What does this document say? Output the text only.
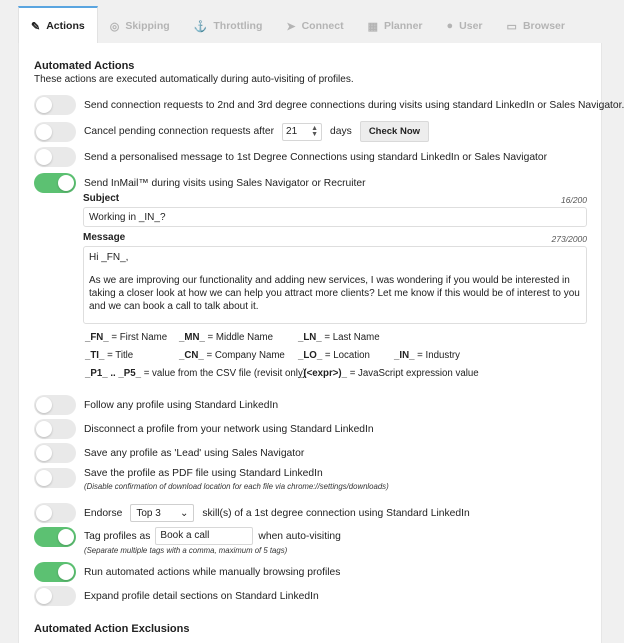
✎ Actions ◎ Skipping ⚓ Throttling ➤ Connect ▦ Planner ● User ▭ Browser
Automated Actions
These actions are executed automatically during auto-visiting of profiles.
Send connection requests to 2nd and 3rd degree connections during visits using standard LinkedIn or Sales Navigator.
Cancel pending connection requests after 21	▲
▼ days	Check Now
Send a personalised message to 1st Degree Connections using standard LinkedIn or Sales Navigator
Send InMail™ during visits using Sales Navigator or Recruiter
Subject	16/200
Working in _IN_?
Message	273/2000

Hi _FN_,

As we are improving our functionality and adding new services, I was wondering if you would be interested in taking a closer look at how we can help you attract more clients? Let me know if this would be of interest to you and we can book a call to talk about it.

_FN_ = First Name _MN_ = Middle Name	_LN_ = Last Name
_TI_ = Title	_CN_ = Company Name _LO_ = Location _IN_ = Industry
_P1_ .. _P5_ = value from the CSV file (revisit only)
_(<expr>)_ = JavaScript expression value
Follow any profile using Standard LinkedIn
Disconnect a profile from your network using Standard LinkedIn
Save any profile as 'Lead' using Sales Navigator
Save the profile as PDF file using Standard LinkedIn
(Disable confirmation of download location for each file via chrome://settings/downloads)
Endorse Top 3 ⌄ skill(s) of a 1st degree connection using Standard LinkedIn
Tag profiles as	Book a call	when auto-visiting
(Separate multiple tags with a comma, maximum of 5 tags)
Run automated actions while manually browsing profiles
Expand profile detail sections on Standard LinkedIn
Automated Action Exclusions
